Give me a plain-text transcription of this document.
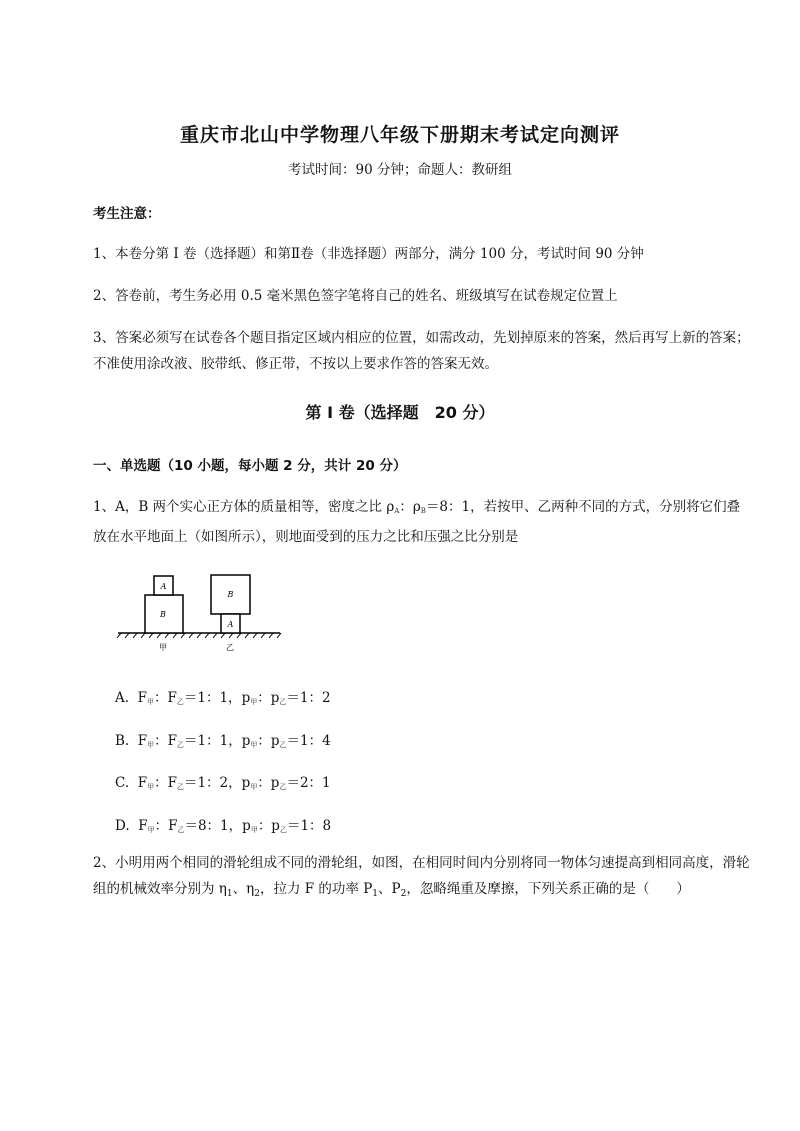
重庆市北山中学物理八年级下册期末考试定向测评
考试时间：90 分钟；命题人：教研组
考生注意：
1、本卷分第 I 卷（选择题）和第Ⅱ卷（非选择题）两部分，满分 100 分，考试时间 90 分钟
2、答卷前，考生务必用 0.5 毫米黑色签字笔将自己的姓名、班级填写在试卷规定位置上
3、答案必须写在试卷各个题目指定区域内相应的位置，如需改动，先划掉原来的答案，然后再写上新的答案；不准使用涂改液、胶带纸、修正带，不按以上要求作答的答案无效。
第 I 卷（选择题　20 分）
一、单选题（10 小题，每小题 2 分，共计 20 分）
1、A，B 两个实心正方体的质量相等，密度之比 $\rho_A$：$\rho_B=8$：1，若按甲、乙两种不同的方式，分别将它们叠放在水平地面上（如图所示），则地面受到的压力之比和压强之比分别是
B
A
B
A
甲	乙
A.  $F_甲$：$F_乙=1$：1，$p_甲$：$p_乙=1$：2
B.  $F_甲$：$F_乙=1$：1，$p_甲$：$p_乙=1$：4
C.  $F_甲$：$F_乙=1$：2，$p_甲$：$p_乙=2$：1
D.  $F_甲$：$F_乙=8$：1，$p_甲$：$p_乙=1$：8
2、小明用两个相同的滑轮组成不同的滑轮组，如图，在相同时间内分别将同一物体匀速提高到相同高度，滑轮组的机械效率分别为 $\eta_1$、$\eta_2$，拉力 F 的功率 $P_1$、$P_2$，忽略绳重及摩擦，下列关系正确的是（　　）
